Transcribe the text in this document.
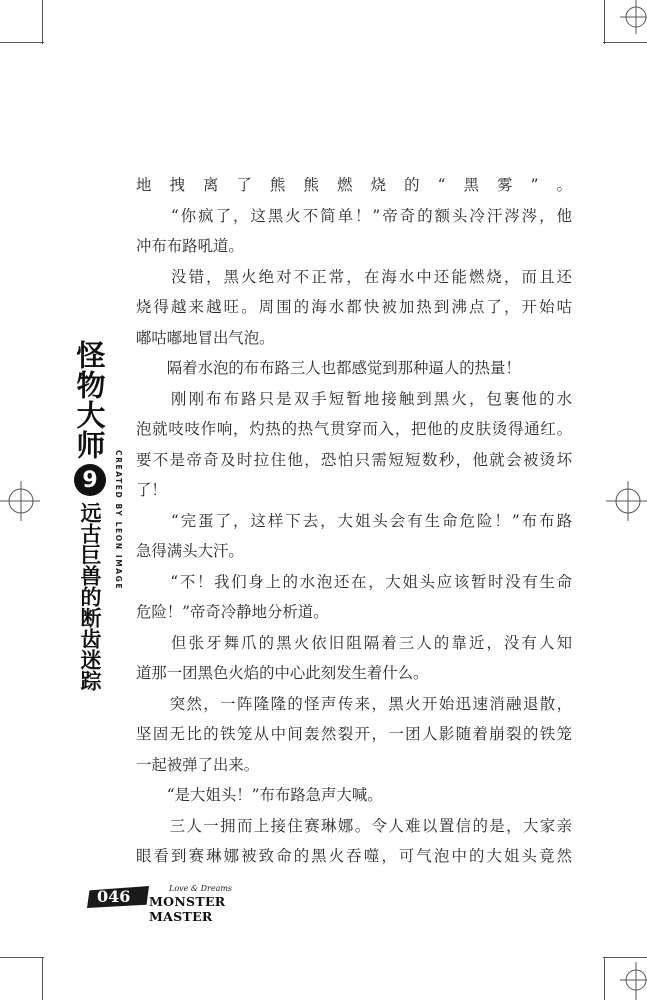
怪物大师
9
远古巨兽的断齿迷踪	CREATED BY LEON IMAGE
地拽离了熊熊燃烧的“黑雾”。
　　“你疯了，这黑火不简单！”帝奇的额头冷汗涔涔，他
冲布布路吼道。
　　没错，黑火绝对不正常，在海水中还能燃烧，而且还
烧得越来越旺。周围的海水都快被加热到沸点了，开始咕
嘟咕嘟地冒出气泡。
　　隔着水泡的布布路三人也都感觉到那种逼人的热量！
　　刚刚布布路只是双手短暂地接触到黑火，包裹他的水
泡就吱吱作响，灼热的热气贯穿而入，把他的皮肤烫得通红。
要不是帝奇及时拉住他，恐怕只需短短数秒，他就会被烫坏
了！
　　“完蛋了，这样下去，大姐头会有生命危险！”布布路
急得满头大汗。
　　“不！我们身上的水泡还在，大姐头应该暂时没有生命
危险！”帝奇冷静地分析道。
　　但张牙舞爪的黑火依旧阻隔着三人的靠近，没有人知
道那一团黑色火焰的中心此刻发生着什么。
　　突然，一阵隆隆的怪声传来，黑火开始迅速消融退散，
坚固无比的铁笼从中间轰然裂开，一团人影随着崩裂的铁笼
一起被弹了出来。
　　“是大姐头！”布布路急声大喊。
　　三人一拥而上接住赛琳娜。令人难以置信的是，大家亲
眼看到赛琳娜被致命的黑火吞噬，可气泡中的大姐头竟然
046	Love & Dreams
MONSTER MASTER
